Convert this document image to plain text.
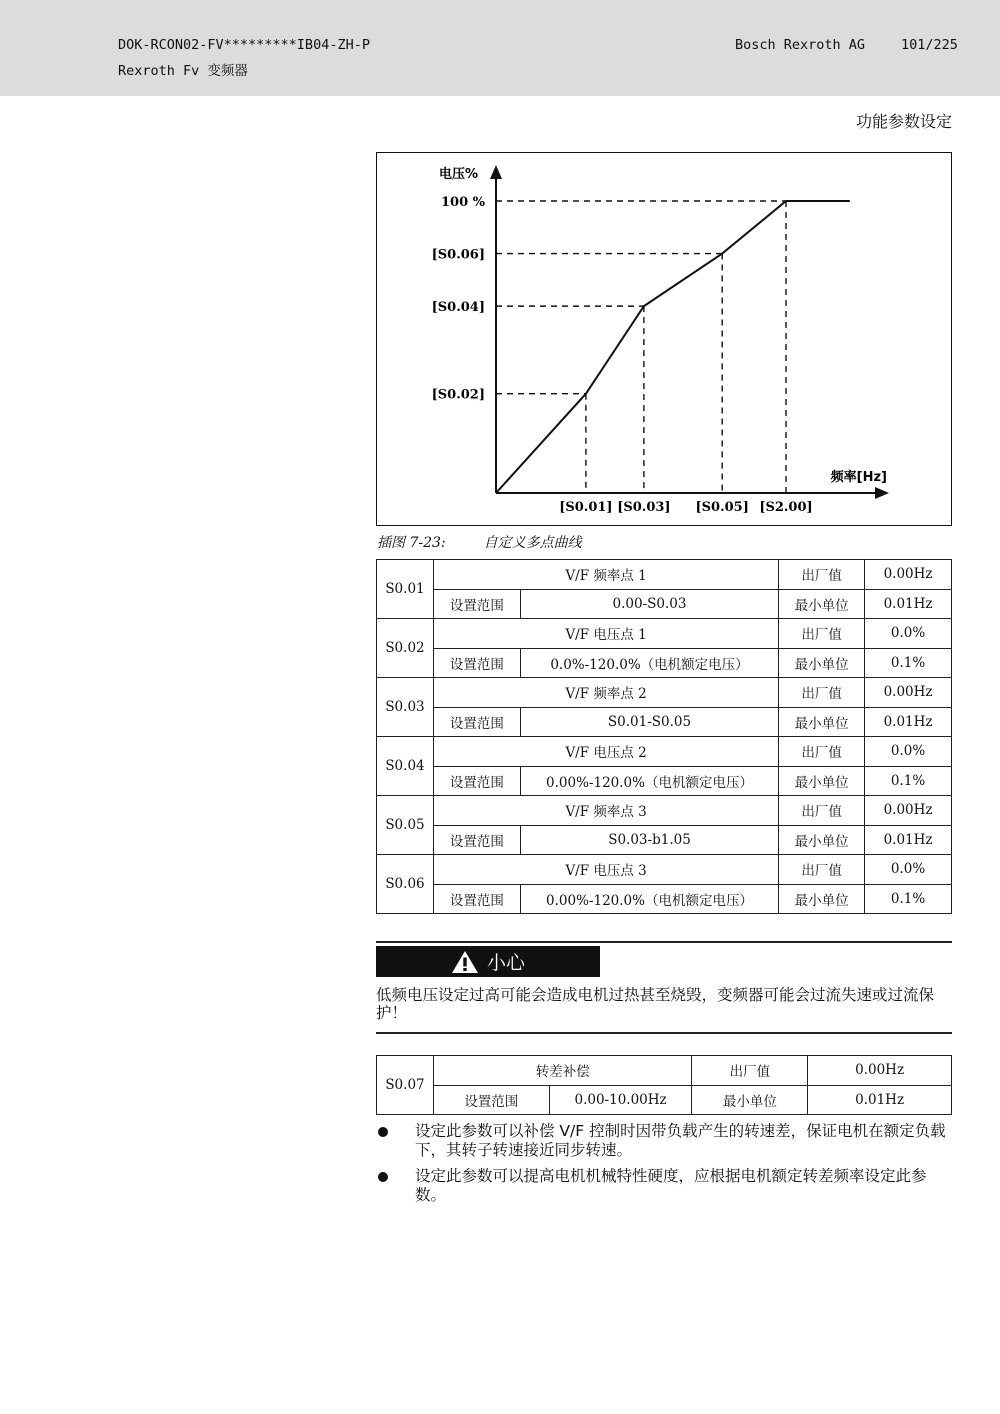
DOK-RCON02-FV*********IB04-ZH-P
Rexroth Fv 变频器
Bosch Rexroth AG	101/225
功能参数设定
[S0.02]
[S0.04]
[S0.06]
100 %
[S0.01] [S0.03] [S0.05] [S2.00]
电压%
频率[Hz]
插图 7-23:	自定义多点曲线
S0.01	V/F 频率点 1		出厂值	0.00Hz
	设置范围	0.00-S0.03	最小单位	0.01Hz
S0.02	V/F 电压点 1		出厂值	0.0%
	设置范围	0.0%-120.0%（电机额定电压）	最小单位	0.1%
S0.03	V/F 频率点 2		出厂值	0.00Hz
	设置范围	S0.01-S0.05	最小单位	0.01Hz
S0.04	V/F 电压点 2		出厂值	0.0%
	设置范围	0.00%-120.0%（电机额定电压）	最小单位	0.1%
S0.05	V/F 频率点 3		出厂值	0.00Hz
	设置范围	S0.03-b1.05	最小单位	0.01Hz
S0.06	V/F 电压点 3		出厂值	0.0%
	设置范围	0.00%-120.0%（电机额定电压）	最小单位	0.1%
小心
低频电压设定过高可能会造成电机过热甚至烧毁，变频器可能会过流失速或过流保护！
S0.07	转差补偿		出厂值	0.00Hz
	设置范围	0.00-10.00Hz	最小单位	0.01Hz
设定此参数可以补偿 V/F 控制时因带负载产生的转速差，保证电机在额定负载下，其转子转速接近同步转速。
设定此参数可以提高电机机械特性硬度，应根据电机额定转差频率设定此参数。
